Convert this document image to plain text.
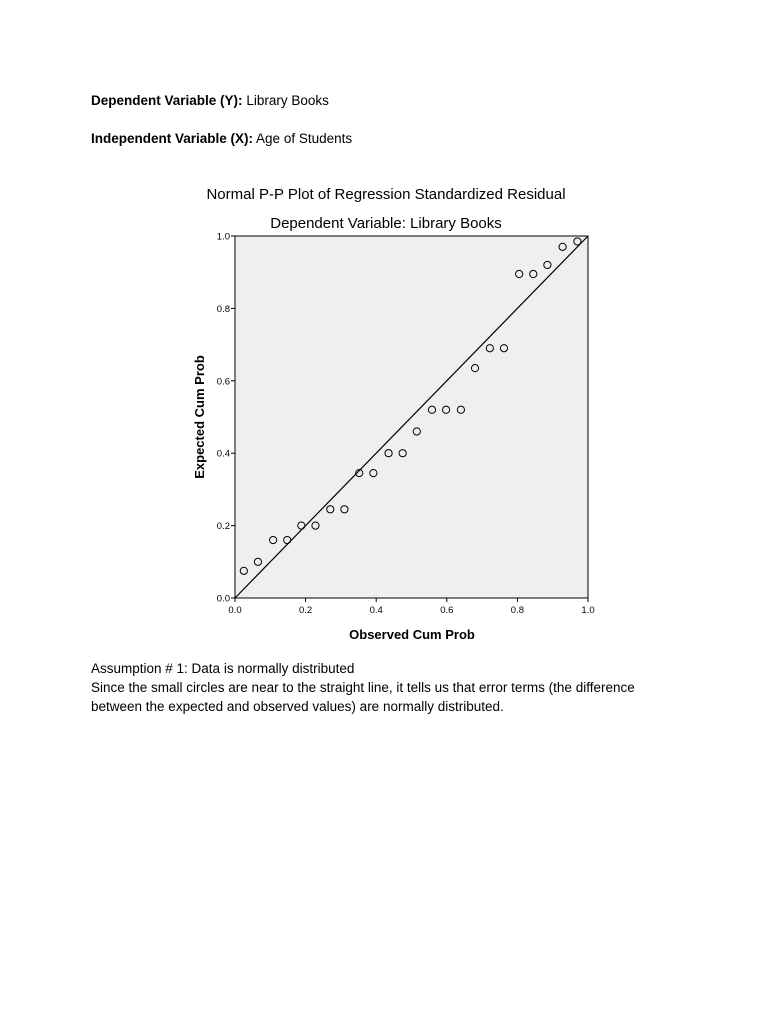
Dependent Variable (Y): Library Books
Independent Variable (X): Age of Students
Normal P-P Plot of Regression Standardized Residual
Dependent Variable: Library Books
0.0	0.2	0.4	0.6	0.8	1.0
0.0
0.2
0.4
0.6
0.8
1.0
Observed Cum Prob
Expected Cum Prob
Assumption # 1: Data is normally distributed
Since the small circles are near to the straight line, it tells us that error terms (the difference
between the expected and observed values) are normally distributed.
